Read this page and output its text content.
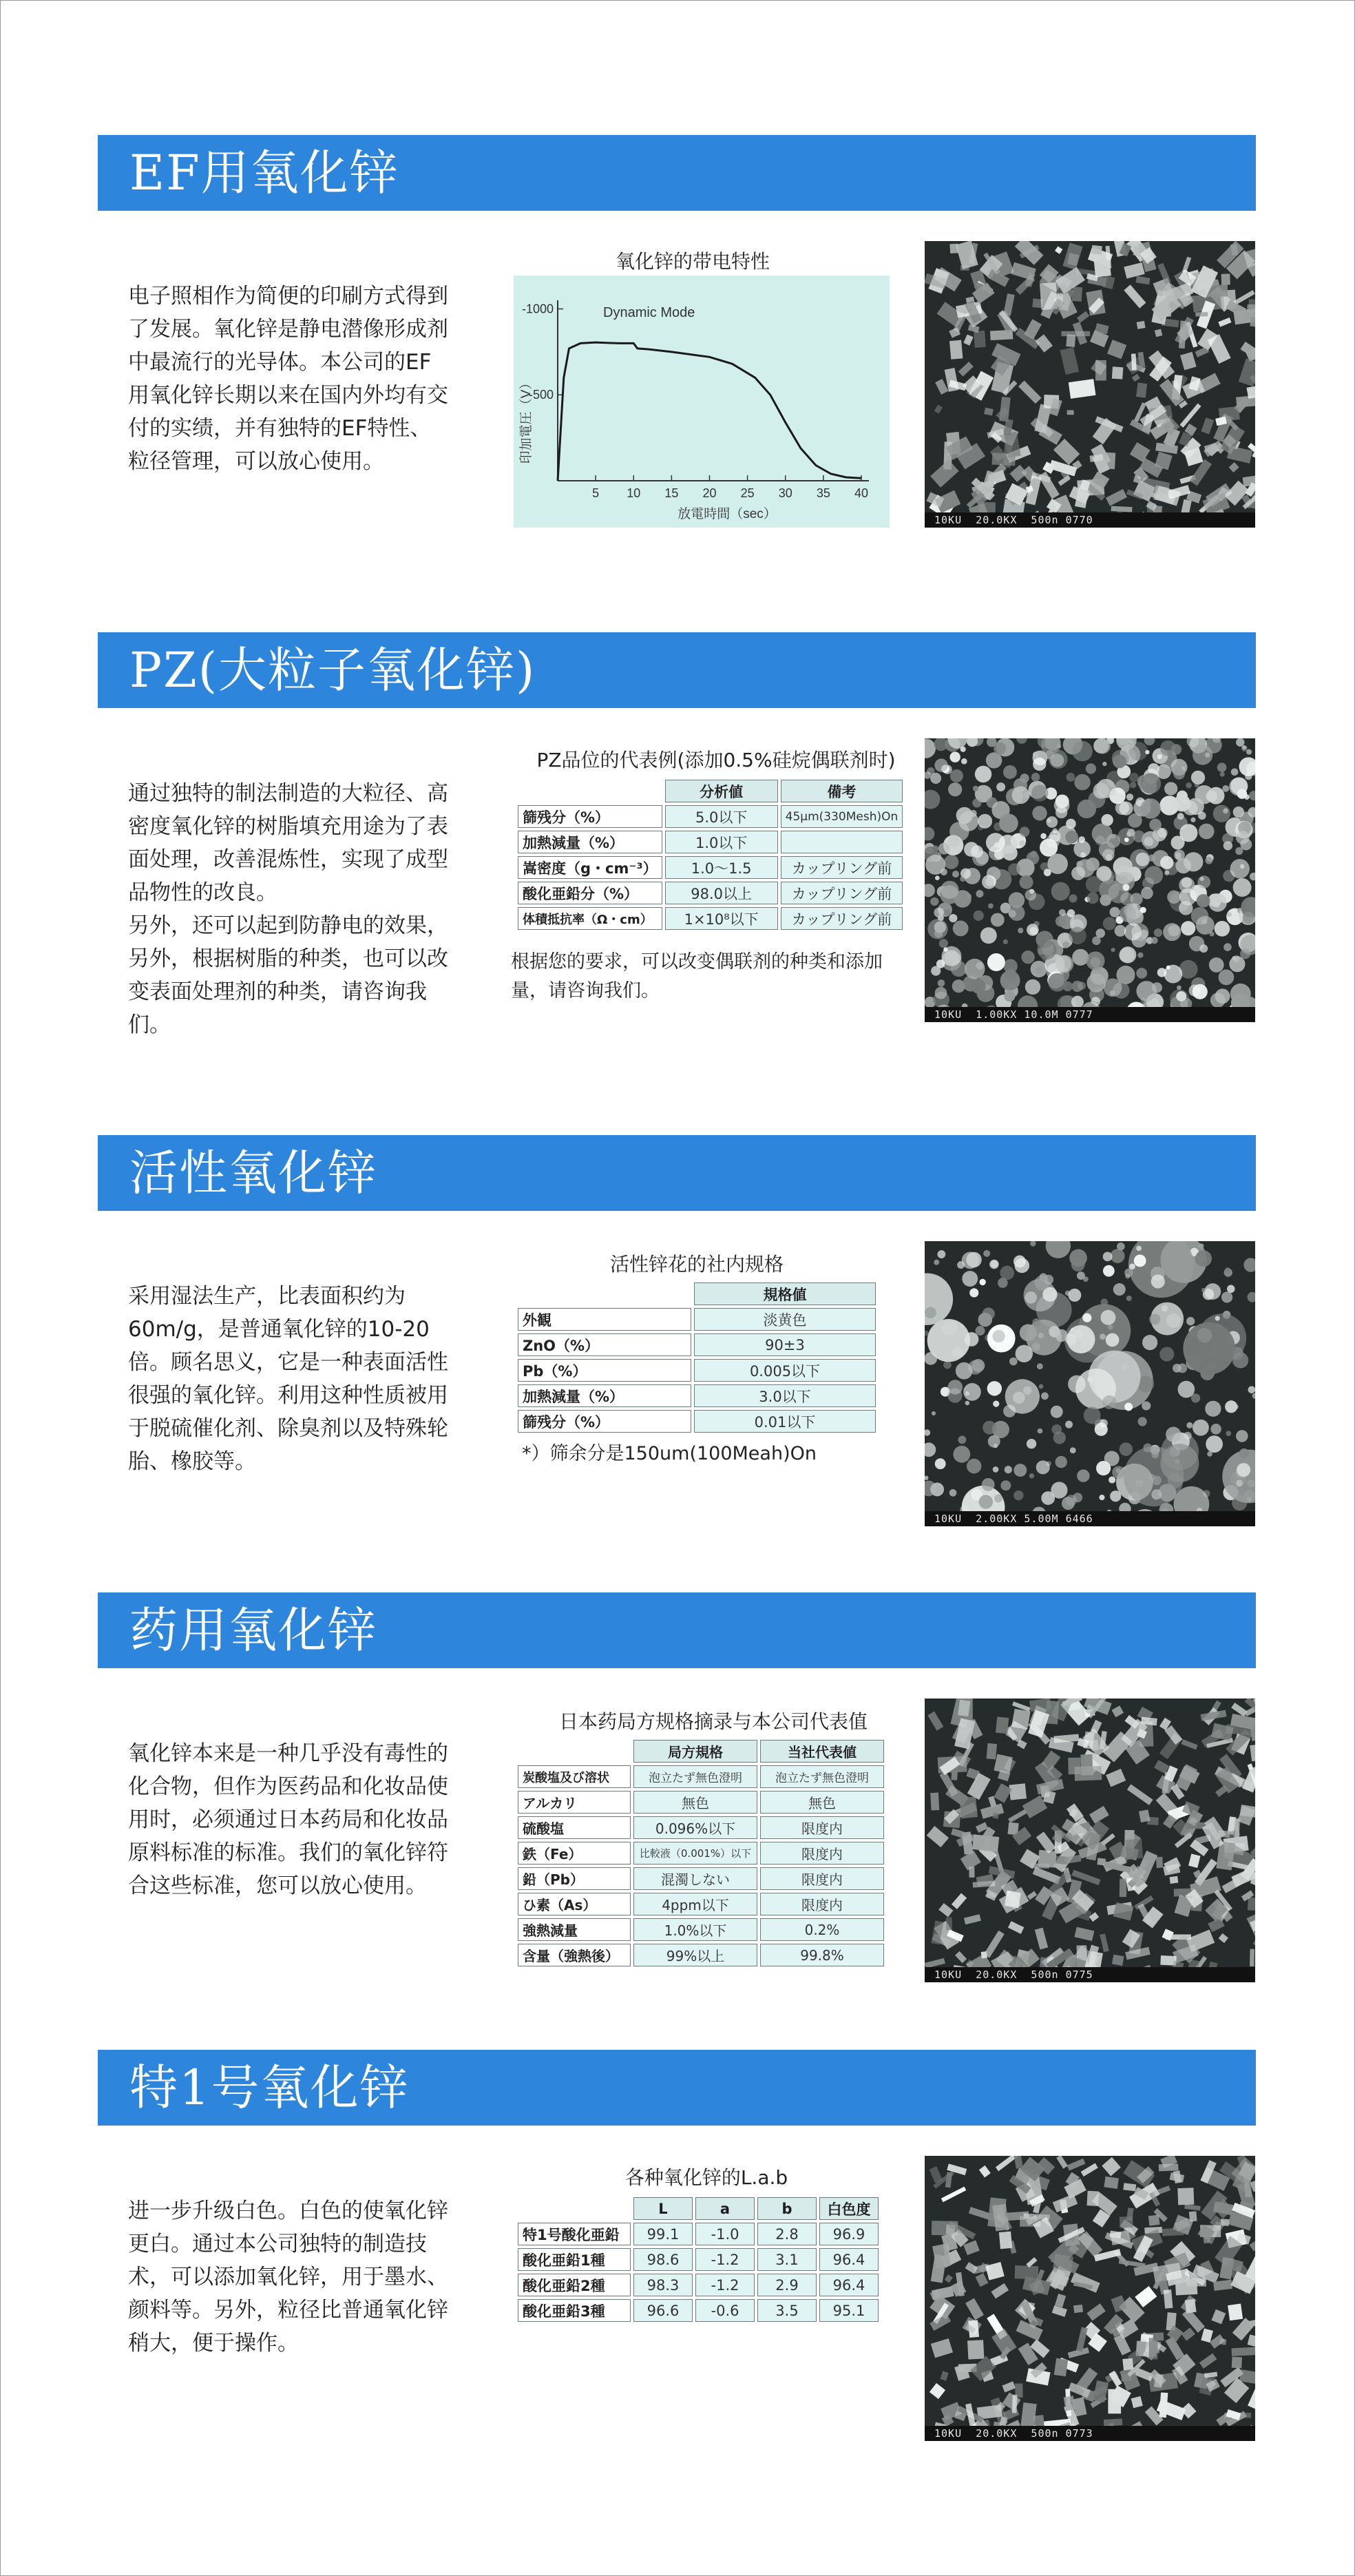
EF用氧化锌
电子照相作为简便的印刷方式得到了发展。氧化锌是静电潜像形成剂中最流行的光导体。本公司的EF用氧化锌长期以来在国内外均有交付的实绩，并有独特的EF特性、粒径管理，可以放心使用。
氧化锌的带电特性
5 10 15 20 25 30 35 40
-1000
-500
Dynamic Mode
放電時間（sec）
印加電圧（V）
10KU  20.0KX  500n 0770
PZ(大粒子氧化锌)
通过独特的制法制造的大粒径、高密度氧化锌的树脂填充用途为了表面处理，改善混炼性，实现了成型品物性的改良。
另外，还可以起到防静电的效果，另外，根据树脂的种类，也可以改变表面处理剂的种类，请咨询我们。
PZ品位的代表例(添加0.5%硅烷偶联剂时)
	分析値	備考
篩残分（%）	5.0以下	45µm(330Mesh)On
加熱減量（%）	1.0以下	
嵩密度（g・cm⁻³）	1.0～1.5	カップリング前
酸化亜鉛分（%）	98.0以上	カップリング前
体積抵抗率（Ω・cm）	1×10⁸以下	カップリング前
根据您的要求，可以改变偶联剂的种类和添加量，请咨询我们。
10KU  1.00KX 10.0M 0777
活性氧化锌
采用湿法生产，比表面积约为60m/g，是普通氧化锌的10-20倍。顾名思义，它是一种表面活性很强的氧化锌。利用这种性质被用于脱硫催化剂、除臭剂以及特殊轮胎、橡胶等。
活性锌花的社内规格
	規格値
外観	淡黄色
ZnO（%）	90±3
Pb（%）	0.005以下
加熱減量（%）	3.0以下
篩残分（%）	0.01以下
*）筛余分是150um(100Meah)On
10KU  2.00KX 5.00M 6466
药用氧化锌
氧化锌本来是一种几乎没有毒性的化合物，但作为医药品和化妆品使用时，必须通过日本药局和化妆品原料标准的标准。我们的氧化锌符合这些标准，您可以放心使用。
日本药局方规格摘录与本公司代表值
	局方規格	当社代表値
炭酸塩及び溶状	泡立たず無色澄明	泡立たず無色澄明
アルカリ	無色	無色
硫酸塩	0.096%以下	限度内
鉄（Fe）	比較液（0.001%）以下	限度内
鉛（Pb）	混濁しない	限度内
ひ素（As）	4ppm以下	限度内
強熱減量	1.0%以下	0.2%
含量（強熱後）	99%以上	99.8%
10KU  20.0KX  500n 0775
特1号氧化锌
进一步升级白色。白色的使氧化锌更白。通过本公司独特的制造技术，可以添加氧化锌，用于墨水、颜料等。另外，粒径比普通氧化锌稍大，便于操作。
各种氧化锌的L.a.b
	L	a	b	白色度
特1号酸化亜鉛	99.1	-1.0	2.8	96.9
酸化亜鉛1種	98.6	-1.2	3.1	96.4
酸化亜鉛2種	98.3	-1.2	2.9	96.4
酸化亜鉛3種	96.6	-0.6	3.5	95.1
10KU  20.0KX  500n 0773
